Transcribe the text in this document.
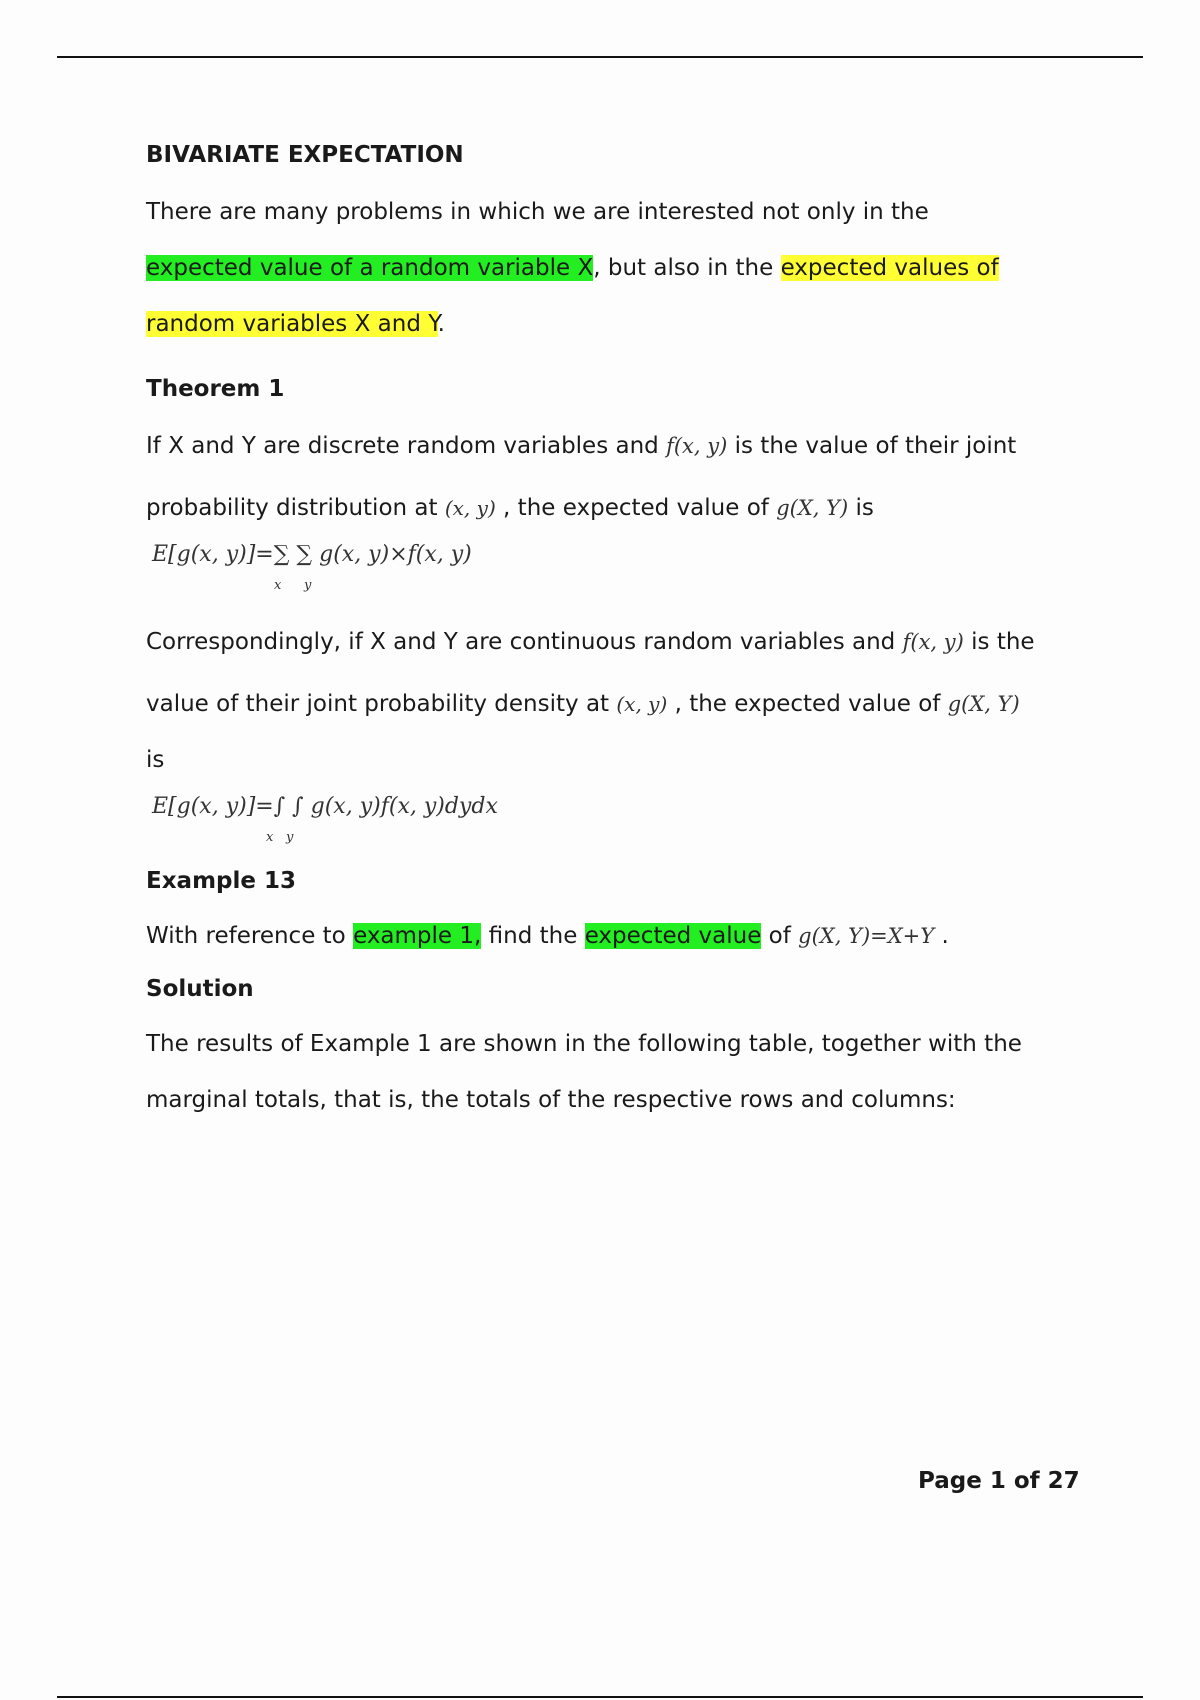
BIVARIATE EXPECTATION
There are many problems in which we are interested not only in the
expected value of a random variable X, but also in the expected values of
random variables X and Y.
Theorem 1
If X and Y are discrete random variables and f(x, y) is the value of their joint
probability distribution at (x, y) , the expected value of g(X, Y) is
E[g(x, y)]=∑ ∑ g(x, y)×f(x, y)
x y
Correspondingly, if X and Y are continuous random variables and f(x, y) is the
value of their joint probability density at (x, y) , the expected value of g(X, Y)
is
E[g(x, y)]=∫ ∫ g(x, y)f(x, y)dydx
x y
Example 13
With reference to example 1, find the expected value of g(X, Y)=X+Y .
Solution
The results of Example 1 are shown in the following table, together with the
marginal totals, that is, the totals of the respective rows and columns:
Page 1 of 27
